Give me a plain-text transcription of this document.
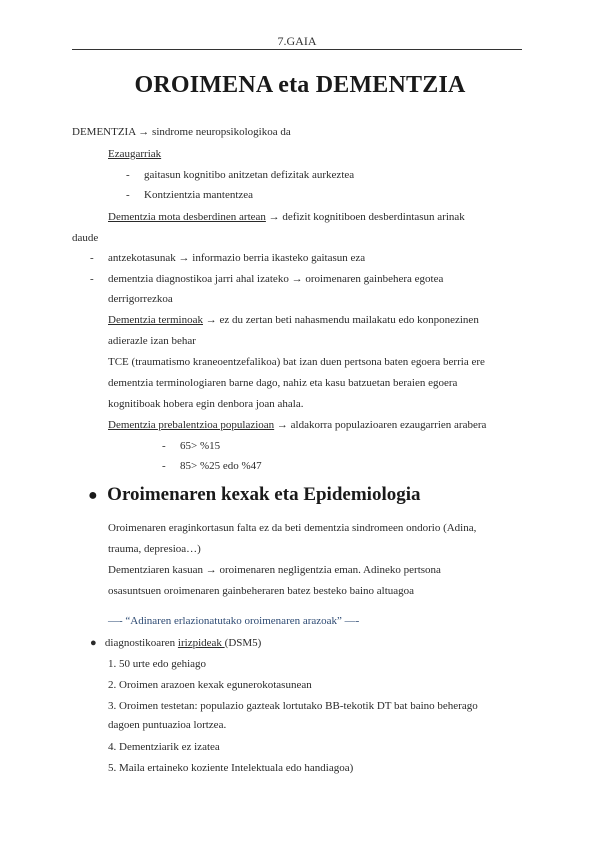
7.GAIA
OROIMENA eta DEMENTZIA
DEMENTZIA → sindrome neuropsikologikoa da
Ezaugarriak
- gaitasun kognitibo anitzetan defizitak aurkeztea
- Kontzientzia mantentzea
Dementzia mota desberdinen artean → defizit kognitiboen desberdintasun arinak
daude
- antzekotasunak → informazio berria ikasteko gaitasun eza
- dementzia diagnostikoa jarri ahal izateko → oroimenaren gainbehera egotea
derrigorrezkoa
Dementzia terminoak → ez du zertan beti nahasmendu mailakatu edo konponezinen
adierazle izan behar
TCE (traumatismo kraneoentzefalikoa) bat izan duen pertsona baten egoera berria ere
dementzia terminologiaren barne dago, nahiz eta kasu batzuetan beraien egoera
kognitiboak hobera egin denbora joan ahala.
Dementzia prebalentzioa populazioan → aldakorra populazioaren ezaugarrien arabera
- 65> %15
- 85> %25 edo %47
● Oroimenaren kexak eta Epidemiologia
Oroimenaren eraginkortasun falta ez da beti dementzia sindromeen ondorio (Adina,
trauma, depresioa…)
Dementziaren kasuan → oroimenaren negligentzia eman. Adineko pertsona
osasuntsuen oroimenaren gainbeheraren batez besteko baino altuagoa
—- “Adinaren erlazionatutako oroimenaren arazoak” —-
● diagnostikoaren irizpideak (DSM5)
1. 50 urte edo gehiago
2. Oroimen arazoen kexak egunerokotasunean
3. Oroimen testetan: populazio gazteak lortutako BB-tekotik DT bat baino beherago
dagoen puntuazioa lortzea.
4. Dementziarik ez izatea
5. Maila ertaineko koziente Intelektuala edo handiagoa)
